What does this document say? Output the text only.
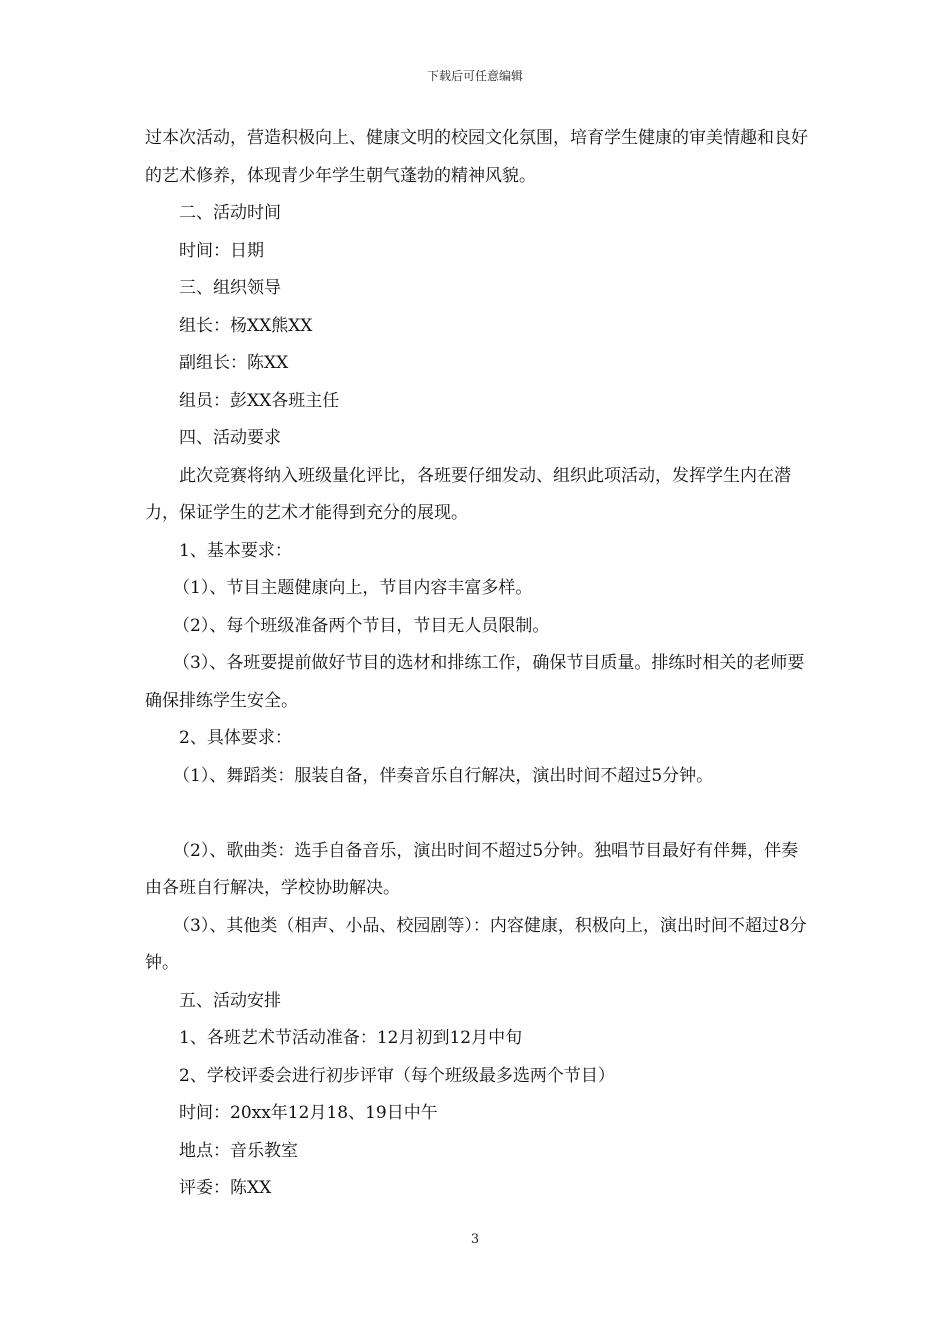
下载后可任意编辑

过本次活动，营造积极向上、健康文明的校园文化氛围，培育学生健康的审美情趣和良好的艺术修养，体现青少年学生朝气蓬勃的精神风貌。

二、活动时间

时间：日期

三、组织领导

组长：杨XX熊XX

副组长：陈XX

组员：彭XX各班主任

四、活动要求

此次竞赛将纳入班级量化评比，各班要仔细发动、组织此项活动，发挥学生内在潜力，保证学生的艺术才能得到充分的展现。

1、基本要求：

（1）、节目主题健康向上，节目内容丰富多样。

（2）、每个班级准备两个节目，节目无人员限制。

（3）、各班要提前做好节目的选材和排练工作，确保节目质量。排练时相关的老师要确保排练学生安全。

2、具体要求：

（1）、舞蹈类：服装自备，伴奏音乐自行解决，演出时间不超过5分钟。

（2）、歌曲类：选手自备音乐，演出时间不超过5分钟。独唱节目最好有伴舞，伴奏由各班自行解决，学校协助解决。

（3）、其他类（相声、小品、校园剧等）：内容健康，积极向上，演出时间不超过8分钟。

五、活动安排

1、各班艺术节活动准备：12月初到12月中旬

2、学校评委会进行初步评审（每个班级最多选两个节目）

时间：20xx年12月18、19日中午

地点：音乐教室

评委：陈XX

3
